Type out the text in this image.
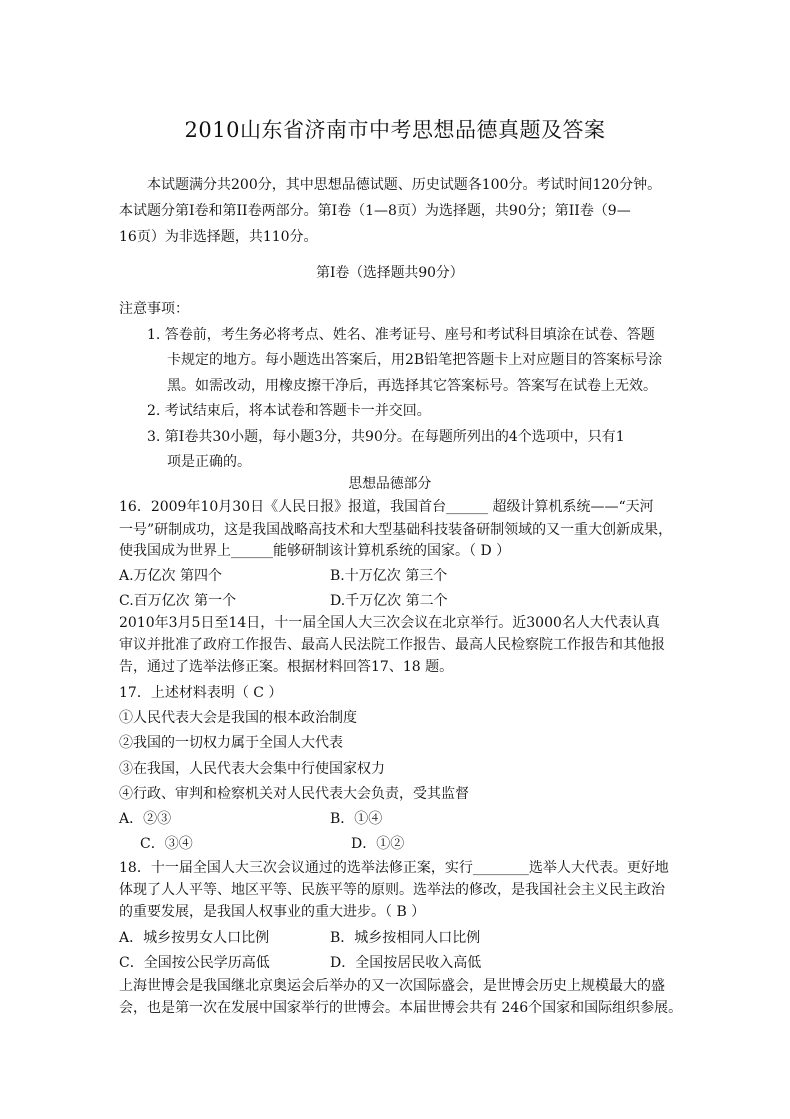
2010山东省济南市中考思想品德真题及答案
本试题满分共200分，其中思想品德试题、历史试题各100分。考试时间120分钟。
本试题分第I卷和第II卷两部分。第I卷（1—8页）为选择题，共90分；第II卷（9—
16页）为非选择题，共110分。
第I卷（选择题共90分）
注意事项：
1. 答卷前，考生务必将考点、姓名、准考证号、座号和考试科目填涂在试卷、答题
卡规定的地方。每小题选出答案后，用2B铅笔把答题卡上对应题目的答案标号涂
黑。如需改动，用橡皮擦干净后，再选择其它答案标号。答案写在试卷上无效。
2. 考试结束后，将本试卷和答题卡一并交回。
3. 第I卷共30小题，每小题3分，共90分。在每题所列出的4个选项中，只有1
项是正确的。
思想品德部分
16．2009年10月30日《人民日报》报道，我国首台______ 超级计算机系统——“天河
一号”研制成功，这是我国战略高技术和大型基础科技装备研制领域的又一重大创新成果，
使我国成为世界上______能够研制该计算机系统的国家。（ D ）
A.万亿次 第四个	B.十万亿次 第三个
C.百万亿次 第一个	D.千万亿次 第二个
2010年3月5日至14日，十一届全国人大三次会议在北京举行。近3000名人大代表认真
审议并批准了政府工作报告、最高人民法院工作报告、最高人民检察院工作报告和其他报
告，通过了选举法修正案。根据材料回答17、18 题。
17．上述材料表明（ C ）
①人民代表大会是我国的根本政治制度
②我国的一切权力属于全国人大代表
③在我国，人民代表大会集中行使国家权力
④行政、审判和检察机关对人民代表大会负责，受其监督
A．②③	B．①④
C．③④	D．①②
18．十一届全国人大三次会议通过的选举法修正案，实行________选举人大代表。更好地
体现了人人平等、地区平等、民族平等的原则。选举法的修改，是我国社会主义民主政治
的重要发展，是我国人权事业的重大进步。（ B ）
A．城乡按男女人口比例	B．城乡按相同人口比例
C．全国按公民学历高低	D．全国按居民收入高低
上海世博会是我国继北京奥运会后举办的又一次国际盛会，是世博会历史上规模最大的盛
会，也是第一次在发展中国家举行的世博会。本届世博会共有 246个国家和国际组织参展。
